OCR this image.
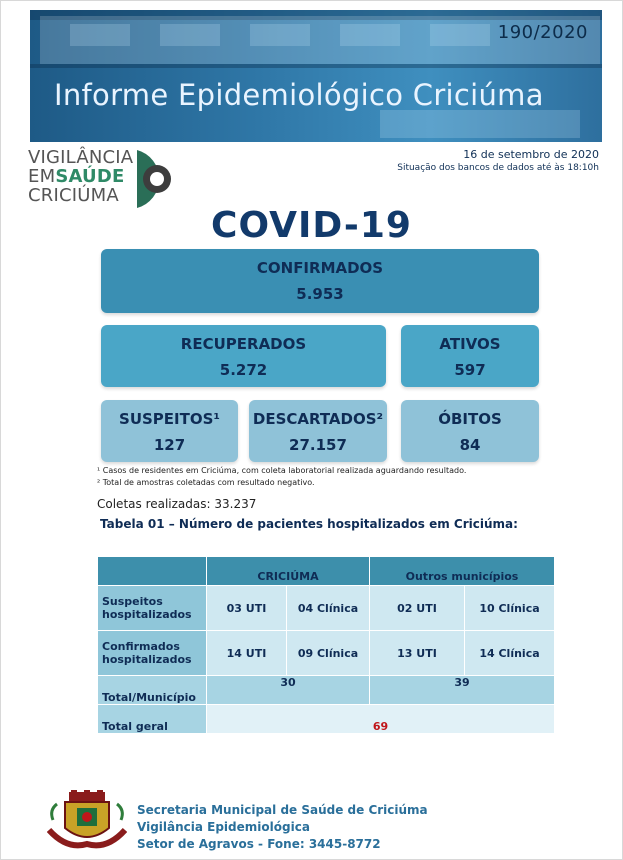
190/2020
Informe Epidemiológico Criciúma
VIGILÂNCIA
EMSAÚDE
CRICIÚMA
16 de setembro de 2020
Situação dos bancos de dados até às 18:10h
COVID-19
CONFIRMADOS
5.953
RECUPERADOS
5.272
ATIVOS
597
SUSPEITOS¹
127
DESCARTADOS²
27.157
ÓBITOS
84
¹ Casos de residentes em Criciúma, com coleta laboratorial realizada aguardando resultado.
² Total de amostras coletadas com resultado negativo.
Coletas realizadas: 33.237
Tabela 01 – Número de pacientes hospitalizados em Criciúma:
	CRICIÚMA		Outros municípios	
Suspeitos hospitalizados	03 UTI	04 Clínica	02 UTI	10 Clínica
Confirmados hospitalizados	14 UTI	09 Clínica	13 UTI	14 Clínica
Total/Município	30		39	
Total geral	69			
Secretaria Municipal de Saúde de Criciúma
Vigilância Epidemiológica
Setor de Agravos - Fone: 3445-8772
